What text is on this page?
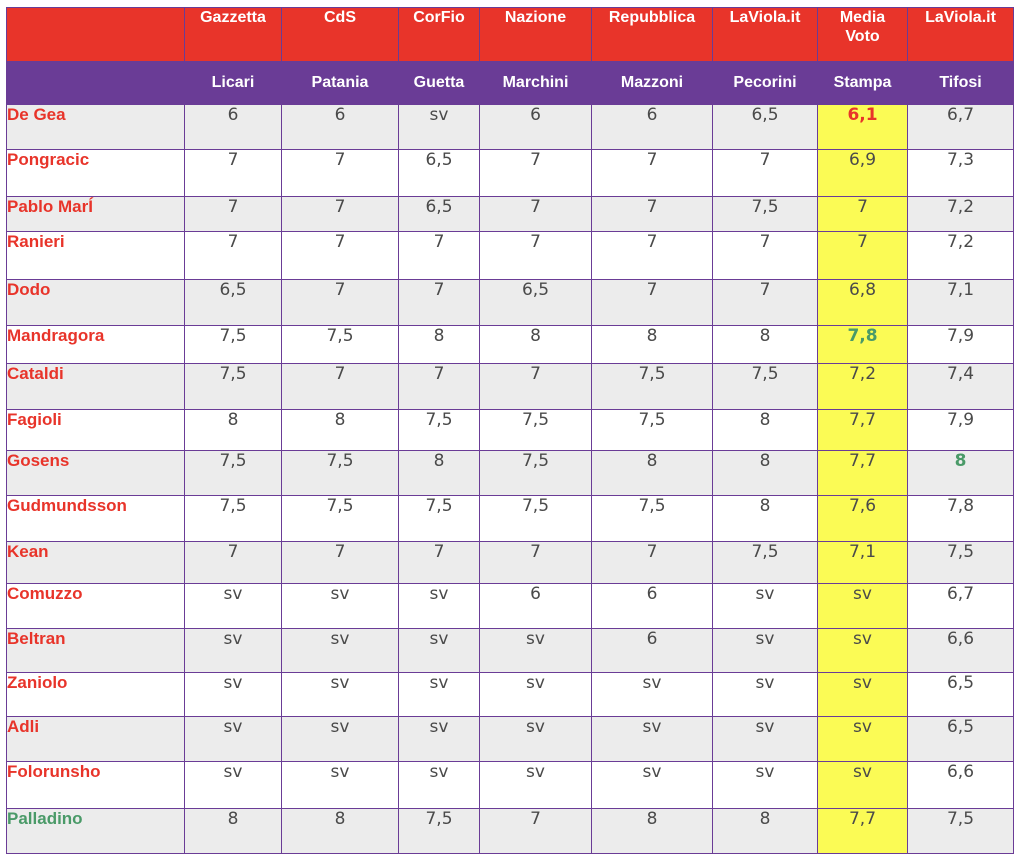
	Gazzetta	CdS	CorFio	Nazione	Repubblica	LaViola.it	Media Voto	LaViola.it
	Licari	Patania	Guetta	Marchini	Mazzoni	Pecorini	Stampa	Tifosi
De Gea	6	6	sv	6	6	6,5	6,1	6,7
Pongracic	7	7	6,5	7	7	7	6,9	7,3
Pablo MarÍ	7	7	6,5	7	7	7,5	7	7,2
Ranieri	7	7	7	7	7	7	7	7,2
Dodo	6,5	7	7	6,5	7	7	6,8	7,1
Mandragora	7,5	7,5	8	8	8	8	7,8	7,9
Cataldi	7,5	7	7	7	7,5	7,5	7,2	7,4
Fagioli	8	8	7,5	7,5	7,5	8	7,7	7,9
Gosens	7,5	7,5	8	7,5	8	8	7,7	8
Gudmundsson	7,5	7,5	7,5	7,5	7,5	8	7,6	7,8
Kean	7	7	7	7	7	7,5	7,1	7,5
Comuzzo	sv	sv	sv	6	6	sv	sv	6,7
Beltran	sv	sv	sv	sv	6	sv	sv	6,6
Zaniolo	sv	sv	sv	sv	sv	sv	sv	6,5
Adli	sv	sv	sv	sv	sv	sv	sv	6,5
Folorunsho	sv	sv	sv	sv	sv	sv	sv	6,6
Palladino	8	8	7,5	7	8	8	7,7	7,5
